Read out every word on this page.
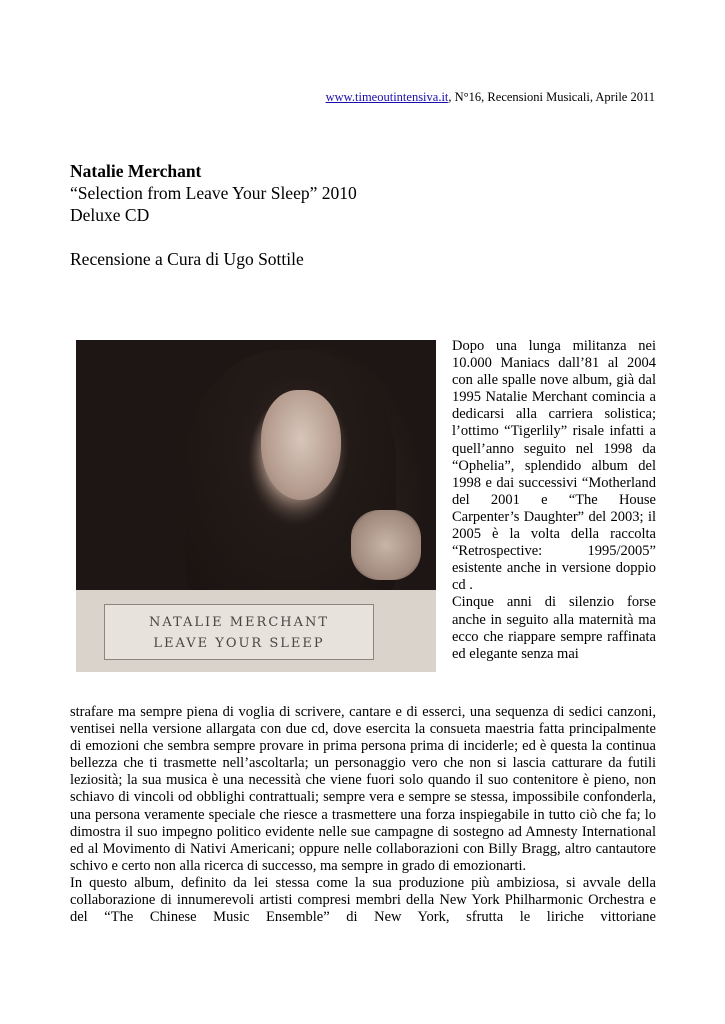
www.timeoutintensiva.it, N°16, Recensioni Musicali, Aprile 2011
Natalie Merchant
“Selection from Leave Your Sleep” 2010
Deluxe CD
Recensione a Cura di Ugo Sottile
NATALIE MERCHANT
LEAVE YOUR SLEEP

Dopo una lunga militanza nei 10.000 Maniacs dall’81 al 2004 con alle spalle nove album, già dal 1995 Natalie Merchant comincia a dedicarsi alla carriera solistica; l’ottimo “Tigerlily” risale infatti a quell’anno seguito nel 1998 da “Ophelia”, splendido album del 1998 e dai successivi “Motherland del 2001 e “The House Carpenter’s Daughter” del 2003; il 2005 è la volta della raccolta “Retrospective: 1995/2005” esistente anche in versione doppio cd .

Cinque anni di silenzio forse anche in seguito alla maternità ma ecco che riappare sempre raffinata ed elegante senza mai

strafare ma sempre piena di voglia di scrivere, cantare e di esserci, una sequenza di sedici canzoni, ventisei nella versione allargata con due cd, dove esercita la consueta maestria fatta principalmente di emozioni che sembra sempre provare in prima persona prima di inciderle; ed è questa la continua bellezza che ti trasmette nell’ascoltarla; un personaggio vero che non si lascia catturare da futili leziosità; la sua musica è una necessità che viene fuori solo quando il suo contenitore è pieno, non schiavo di vincoli od obblighi contrattuali; sempre vera e sempre se stessa, impossibile confonderla, una persona veramente speciale che riesce a trasmettere una forza inspiegabile in tutto ciò che fa; lo dimostra il suo impegno politico evidente nelle sue campagne di sostegno ad Amnesty International ed al Movimento di Nativi Americani; oppure nelle collaborazioni con Billy Bragg, altro cantautore schivo e certo non alla ricerca di successo, ma sempre in grado di emozionarti.

In questo album, definito da lei stessa come la sua produzione più ambiziosa, si avvale della collaborazione di innumerevoli artisti compresi membri della New York Philharmonic Orchestra e del “The Chinese Music Ensemble” di New York, sfrutta le liriche vittoriane
